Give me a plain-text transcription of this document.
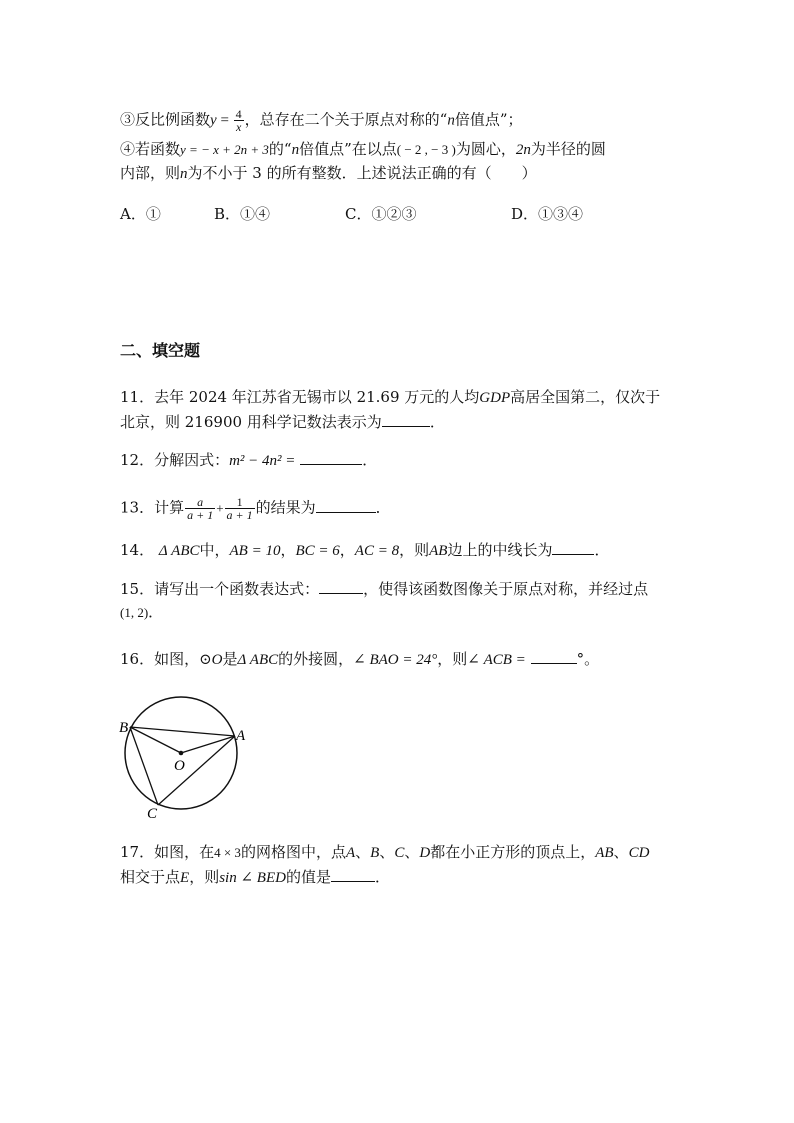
③反比例函数$y = \frac{4}{x}$ ，总存在二个关于原点对称的“n倍值点”；
④若函数y = − x + 2n + 3的“n倍值点”在以点( − 2 , − 3 )为圆心，2n为半径的圆
内部，则n为不小于 3 的所有整数．上述说法正确的有（　　）
A．①	B．①④	C．①②③	D．①③④
二、填空题
11．去年 2024 年江苏省无锡市以 21.69 万元的人均GDP高居全国第二，仅次于
北京，则 216900 用科学记数法表示为	．
12．分解因式：m² − 4n² =	．
13．计算 $\frac{a}{a + 1} + \frac{1}{a + 1}$ 的结果为	．
14． Δ ABC中，AB = 10，BC = 6，AC = 8，则AB边上的中线长为	．
15．请写出一个函数表达式：	，使得该函数图像关于原点对称，并经过点
(1, 2)．
16．如图，⊙O是Δ ABC的外接圆，∠ BAO = 24°，则∠ ACB =	°。
B	A
O
C
17．如图，在4 × 3的网格图中，点A、B、C、D都在小正方形的顶点上，AB、CD
相交于点E，则sin ∠ BED的值是	．
